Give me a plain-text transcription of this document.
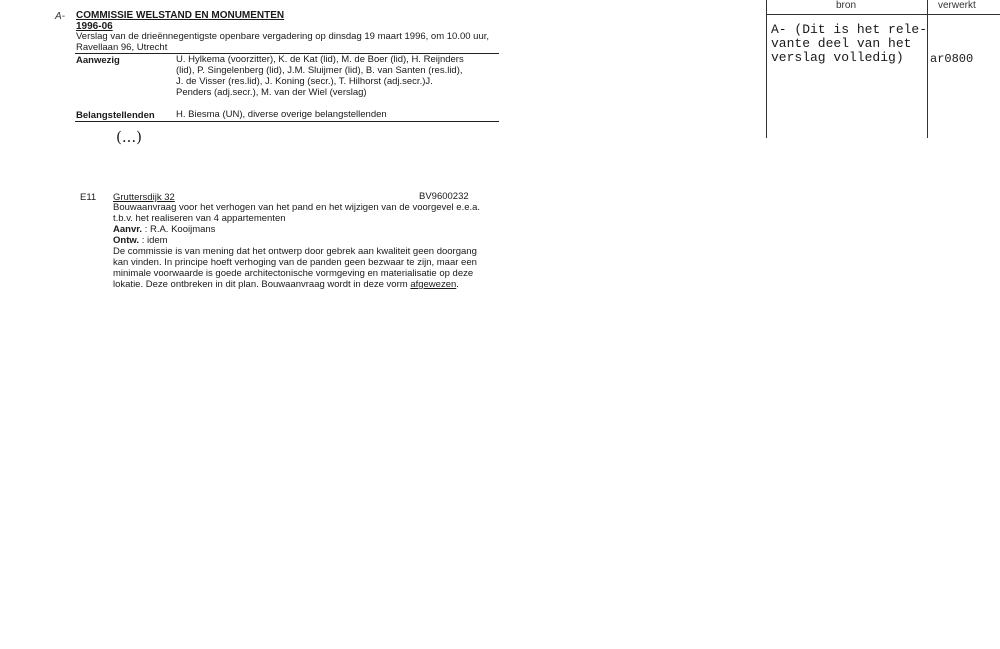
A- COMMISSIE WELSTAND EN MONUMENTEN
1996-06
Verslag van de drieënnegentigste openbare vergadering op dinsdag 19 maart 1996, om 10.00 uur, Ravellaan 96, Utrecht
Aanwezig	U. Hylkema (voorzitter), K. de Kat (lid), M. de Boer (lid), H. Reijnders (lid), P. Singelenberg (lid), J.M. Sluijmer (lid), B. van Santen (res.lid), J. de Visser (res.lid), J. Koning (secr.), T. Hilhorst (adj.secr.)J. Penders (adj.secr.), M. van der Wiel (verslag)
Belangstellenden H. Biesma (UN), diverse overige belangstellenden
(...)
E11 Gruttersdijk 32	BV9600232
Bouwaanvraag voor het verhogen van het pand en het wijzigen van de voorgevel e.e.a.
t.b.v. het realiseren van 4 appartementen
Aanvr. : R.A. Kooijmans
Ontw. : idem
De commissie is van mening dat het ontwerp door gebrek aan kwaliteit geen doorgang
kan vinden. In principe hoeft verhoging van de panden geen bezwaar te zijn, maar een
minimale voorwaarde is goede architectonische vormgeving en materialisatie op deze
lokatie. Deze ontbreken in dit plan. Bouwaanvraag wordt in deze vorm afgewezen.
bron	verwerkt
A- (Dit is het rele-
vante deel van het
verslag volledig)	ar0800
